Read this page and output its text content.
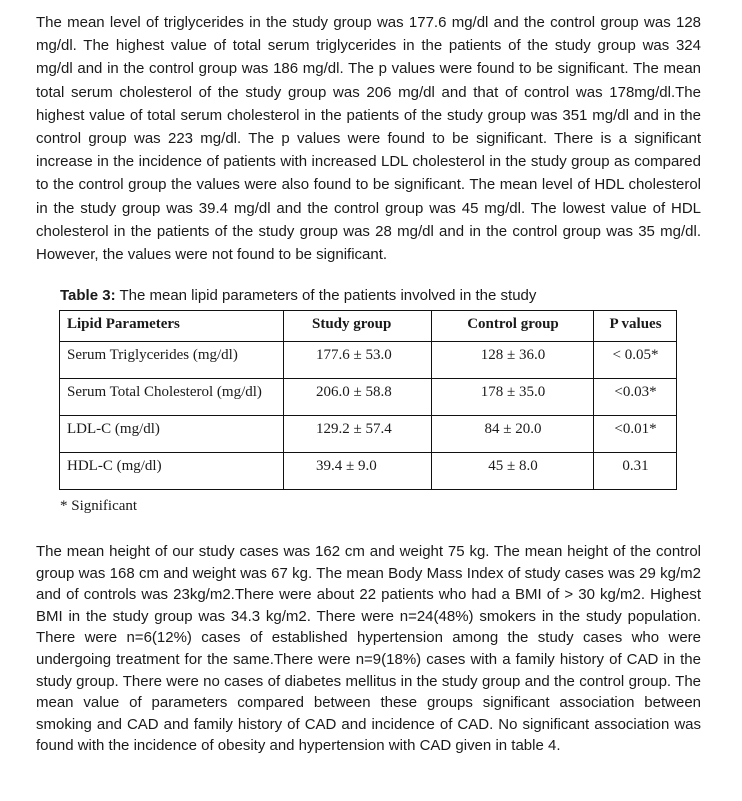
The mean level of triglycerides in the study group was 177.6 mg/dl and the control group was 128 mg/dl. The highest value of total serum triglycerides in the patients of the study group was 324 mg/dl and in the control group was 186 mg/dl. The p values were found to be significant. The mean total serum cholesterol of the study group was 206 mg/dl and that of control was 178mg/dl.The highest value of total serum cholesterol in the patients of the study group was 351 mg/dl and in the control group was 223 mg/dl. The p values were found to be significant. There is a significant increase in the incidence of patients with increased LDL cholesterol in the study group as compared to the control group the values were also found to be significant. The mean level of HDL cholesterol in the study group was 39.4 mg/dl and the control group was 45 mg/dl. The lowest value of HDL cholesterol in the patients of the study group was 28 mg/dl and in the control group was 35 mg/dl. However, the values were not found to be significant.

Table 3: The mean lipid parameters of the patients involved in the study
Lipid Parameters	Study group	Control group	P values
Serum Triglycerides (mg/dl)	177.6 ± 53.0	128 ± 36.0	< 0.05*
Serum Total Cholesterol (mg/dl)	206.0 ± 58.8	178 ± 35.0	<0.03*
LDL-C (mg/dl)	129.2 ± 57.4	84 ± 20.0	<0.01*
HDL-C (mg/dl)	39.4 ± 9.0	45 ± 8.0	0.31
* Significant

The mean height of our study cases was 162 cm and weight 75 kg. The mean height of the control group was 168 cm and weight was 67 kg. The mean Body Mass Index of study cases was 29 kg/m2 and of controls was 23kg/m2.There were about 22 patients who had a BMI of > 30 kg/m2. Highest BMI in the study group was 34.3 kg/m2. There were n=24(48%) smokers in the study population. There were n=6(12%) cases of established hypertension among the study cases who were undergoing treatment for the same.There were n=9(18%) cases with a family history of CAD in the study group. There were no cases of diabetes mellitus in the study group and the control group. The mean value of parameters compared between these groups significant association between smoking and CAD and family history of CAD and incidence of CAD. No significant association was found with the incidence of obesity and hypertension with CAD given in table 4.
